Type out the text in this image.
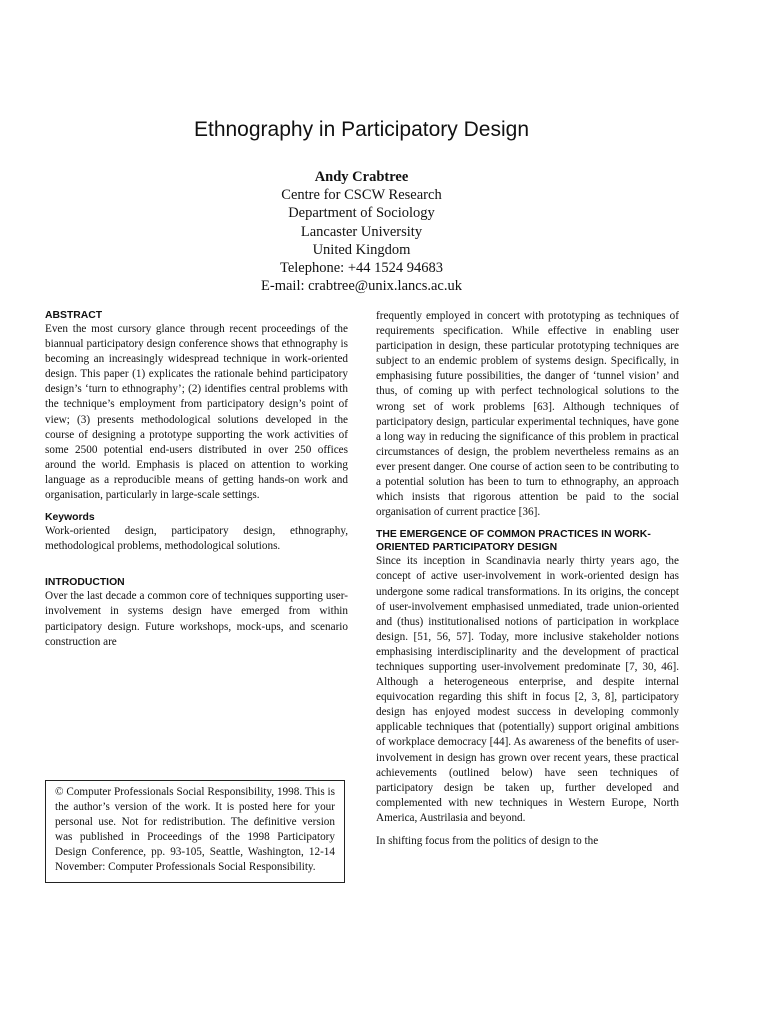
Ethnography in Participatory Design
Andy Crabtree
Centre for CSCW Research
Department of Sociology
Lancaster University
United Kingdom
Telephone: +44 1524 94683
E-mail: crabtree@unix.lancs.ac.uk
ABSTRACT

Even the most cursory glance through recent proceedings of the biannual participatory design conference shows that ethnography is becoming an increasingly widespread technique in work-oriented design. This paper (1) explicates the rationale behind participatory design’s ‘turn to ethnography’; (2) identifies central problems with the technique’s employment from participatory design’s point of view; (3) presents methodological solutions developed in the course of designing a prototype supporting the work activities of some 2500 potential end-users distributed in over 250 offices around the world. Emphasis is placed on attention to working language as a reproducible means of getting hands-on work and organisation, particularly in large-scale settings.

Keywords

Work-oriented design, participatory design, ethnography, methodological problems, methodological solutions.

INTRODUCTION

Over the last decade a common core of techniques supporting user-involvement in systems design have emerged from within participatory design. Future workshops, mock-ups, and scenario construction are

© Computer Professionals Social Responsibility, 1998. This is the author’s version of the work. It is posted here for your personal use. Not for redistribution. The definitive version was published in Proceedings of the 1998 Participatory Design Conference, pp. 93-105, Seattle, Washington, 12-14 November: Computer Professionals Social Responsibility.

frequently employed in concert with prototyping as techniques of requirements specification. While effective in enabling user participation in design, these particular prototyping techniques are subject to an endemic problem of systems design. Specifically, in emphasising future possibilities, the danger of ‘tunnel vision’ and thus, of coming up with perfect technological solutions to the wrong set of work problems [63]. Although techniques of participatory design, particular experimental techniques, have gone a long way in reducing the significance of this problem in practical circumstances of design, the problem nevertheless remains as an ever present danger. One course of action seen to be contributing to a potential solution has been to turn to ethnography, an approach which insists that rigorous attention be paid to the social organisation of current practice [36].

THE EMERGENCE OF COMMON PRACTICES IN WORK-ORIENTED PARTICIPATORY DESIGN

Since its inception in Scandinavia nearly thirty years ago, the concept of active user-involvement in work-oriented design has undergone some radical transformations. In its origins, the concept of user-involvement emphasised unmediated, trade union-oriented and (thus) institutionalised notions of participation in workplace design. [51, 56, 57]. Today, more inclusive stakeholder notions emphasising interdisciplinarity and the development of practical techniques supporting user-involvement predominate [7, 30, 46]. Although a heterogeneous enterprise, and despite internal equivocation regarding this shift in focus [2, 3, 8], participatory design has enjoyed modest success in developing commonly applicable techniques that (potentially) support original ambitions of workplace democracy [44]. As awareness of the benefits of user-involvement in design has grown over recent years, these practical achievements (outlined below) have seen techniques of participatory design be taken up, further developed and complemented with new techniques in Western Europe, North America, Austrilasia and beyond.

In shifting focus from the politics of design to the
